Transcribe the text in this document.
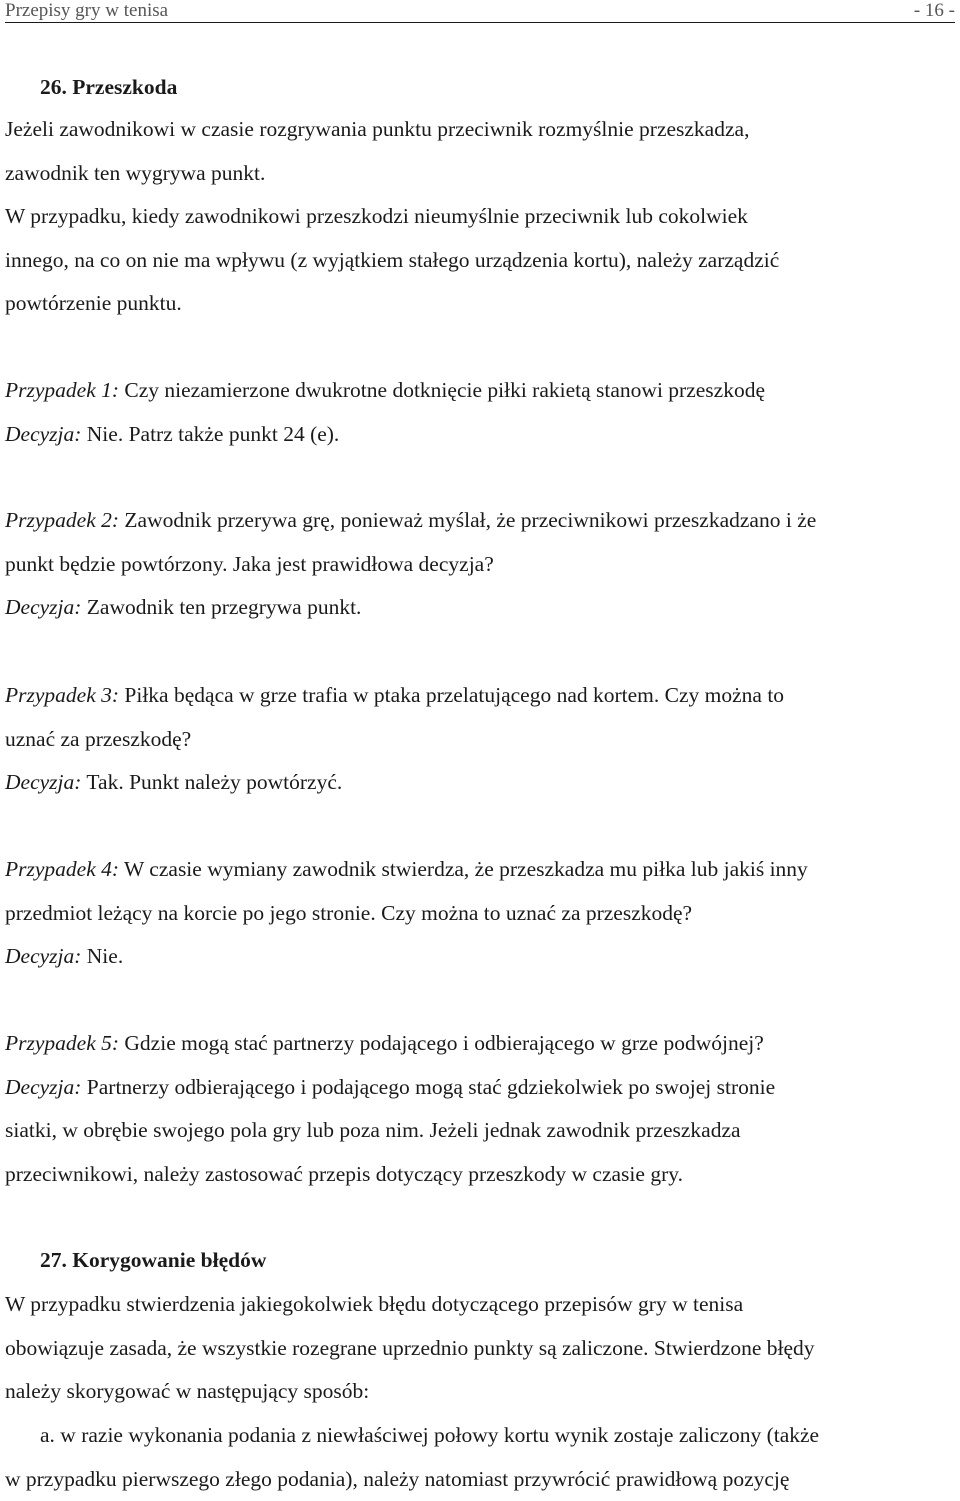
Przepisy gry w tenisa	- 16 -
26. Przeszkoda
Jeżeli zawodnikowi w czasie rozgrywania punktu przeciwnik rozmyślnie przeszkadza,
zawodnik ten wygrywa punkt.
W przypadku, kiedy zawodnikowi przeszkodzi nieumyślnie przeciwnik lub cokolwiek
innego, na co on nie ma wpływu (z wyjątkiem stałego urządzenia kortu), należy zarządzić
powtórzenie punktu.
Przypadek 1: Czy niezamierzone dwukrotne dotknięcie piłki rakietą stanowi przeszkodę
Decyzja: Nie. Patrz także punkt 24 (e).
Przypadek 2: Zawodnik przerywa grę, ponieważ myślał, że przeciwnikowi przeszkadzano i że
punkt będzie powtórzony. Jaka jest prawidłowa decyzja?
Decyzja: Zawodnik ten przegrywa punkt.
Przypadek 3: Piłka będąca w grze trafia w ptaka przelatującego nad kortem. Czy można to
uznać za przeszkodę?
Decyzja: Tak. Punkt należy powtórzyć.
Przypadek 4: W czasie wymiany zawodnik stwierdza, że przeszkadza mu piłka lub jakiś inny
przedmiot leżący na korcie po jego stronie. Czy można to uznać za przeszkodę?
Decyzja: Nie.
Przypadek 5: Gdzie mogą stać partnerzy podającego i odbierającego w grze podwójnej?
Decyzja: Partnerzy odbierającego i podającego mogą stać gdziekolwiek po swojej stronie
siatki, w obrębie swojego pola gry lub poza nim. Jeżeli jednak zawodnik przeszkadza
przeciwnikowi, należy zastosować przepis dotyczący przeszkody w czasie gry.
27. Korygowanie błędów
W przypadku stwierdzenia jakiegokolwiek błędu dotyczącego przepisów gry w tenisa
obowiązuje zasada, że wszystkie rozegrane uprzednio punkty są zaliczone. Stwierdzone błędy
należy skorygować w następujący sposób:
a. w razie wykonania podania z niewłaściwej połowy kortu wynik zostaje zaliczony (także
w przypadku pierwszego złego podania), należy natomiast przywrócić prawidłową pozycję
